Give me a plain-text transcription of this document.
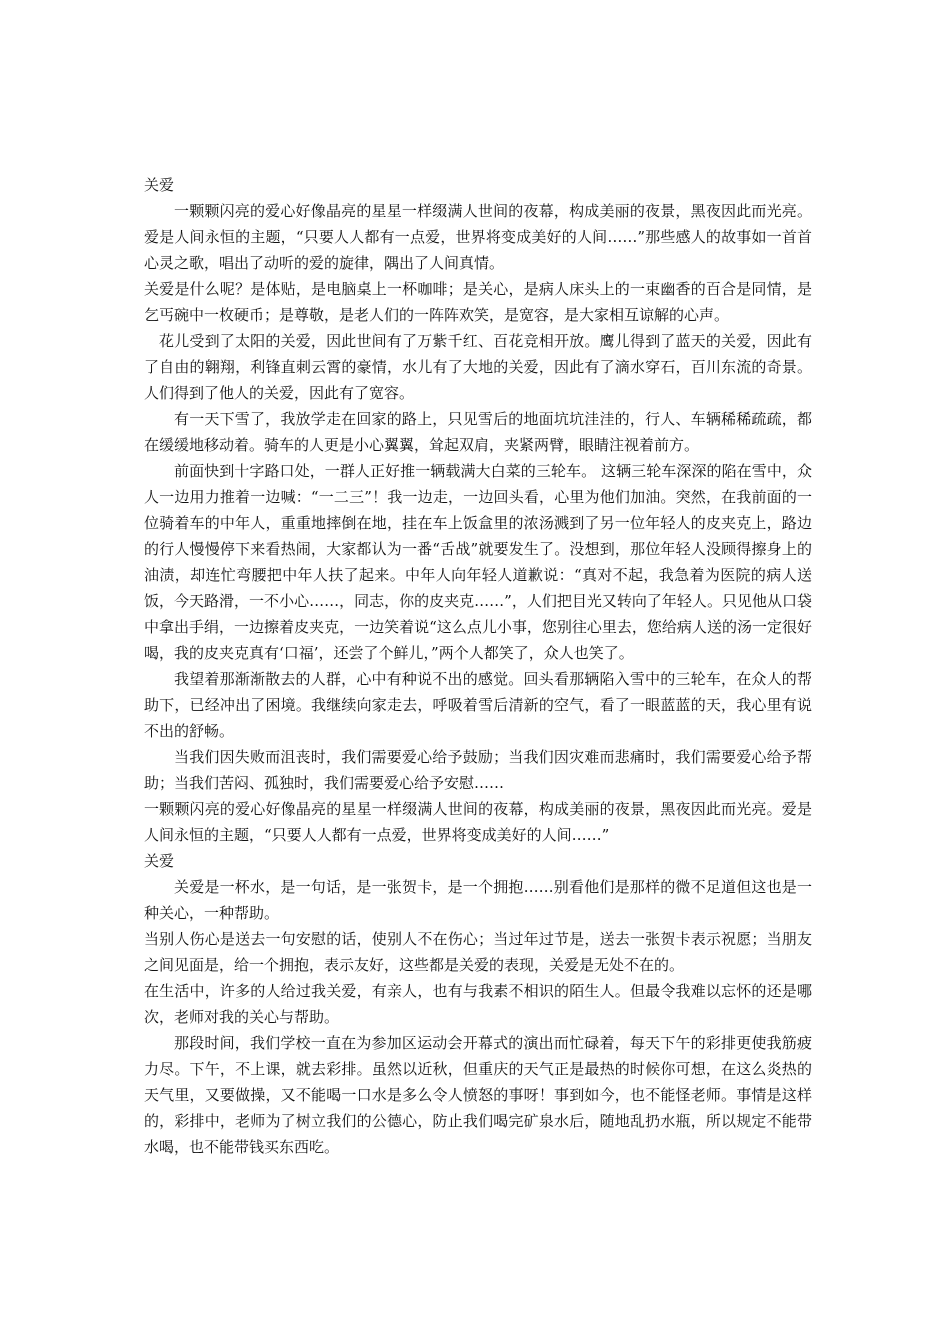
关爱

一颗颗闪亮的爱心好像晶亮的星星一样缀满人世间的夜幕，构成美丽的夜景，黑夜因此而光亮。爱是人间永恒的主题，“只要人人都有一点爱，世界将变成美好的人间……”那些感人的故事如一首首心灵之歌，唱出了动听的爱的旋律，隅出了人间真情。

关爱是什么呢？是体贴，是电脑桌上一杯咖啡；是关心，是病人床头上的一束幽香的百合是同情，是乞丐碗中一枚硬币；是尊敬，是老人们的一阵阵欢笑，是宽容，是大家相互谅解的心声。

花儿受到了太阳的关爱，因此世间有了万紫千红、百花竞相开放。鹰儿得到了蓝天的关爱，因此有了自由的翱翔，利锋直刺云霄的豪情，水儿有了大地的关爱，因此有了滴水穿石，百川东流的奇景。人们得到了他人的关爱，因此有了宽容。

有一天下雪了，我放学走在回家的路上，只见雪后的地面坑坑洼洼的，行人、车辆稀稀疏疏，都在缓缓地移动着。骑车的人更是小心翼翼，耸起双肩，夹紧两臂，眼睛注视着前方。

前面快到十字路口处，一群人正好推一辆载满大白菜的三轮车。 这辆三轮车深深的陷在雪中，众人一边用力推着一边喊：“一二三”！我一边走，一边回头看，心里为他们加油。突然，在我前面的一位骑着车的中年人，重重地摔倒在地，挂在车上饭盒里的浓汤溅到了另一位年轻人的皮夹克上，路边的行人慢慢停下来看热闹，大家都认为一番“舌战”就要发生了。没想到，那位年轻人没顾得擦身上的油渍，却连忙弯腰把中年人扶了起来。中年人向年轻人道歉说：“真对不起，我急着为医院的病人送饭，今天路滑，一不小心……，同志，你的皮夹克……”，人们把目光又转向了年轻人。只见他从口袋中拿出手绢，一边擦着皮夹克，一边笑着说“这么点儿小事，您别往心里去，您给病人送的汤一定很好喝，我的皮夹克真有‘口福’，还尝了个鲜儿，”两个人都笑了，众人也笑了。

我望着那渐渐散去的人群，心中有种说不出的感觉。回头看那辆陷入雪中的三轮车，在众人的帮助下，已经冲出了困境。我继续向家走去，呼吸着雪后清新的空气，看了一眼蓝蓝的天，我心里有说不出的舒畅。

当我们因失败而沮丧时，我们需要爱心给予鼓励；当我们因灾难而悲痛时，我们需要爱心给予帮助；当我们苦闷、孤独时，我们需要爱心给予安慰……

一颗颗闪亮的爱心好像晶亮的星星一样缀满人世间的夜幕，构成美丽的夜景，黑夜因此而光亮。爱是人间永恒的主题，“只要人人都有一点爱，世界将变成美好的人间……”

关爱

关爱是一杯水，是一句话，是一张贺卡，是一个拥抱……别看他们是那样的微不足道但这也是一种关心，一种帮助。

当别人伤心是送去一句安慰的话，使别人不在伤心；当过年过节是，送去一张贺卡表示祝愿；当朋友之间见面是，给一个拥抱，表示友好，这些都是关爱的表现，关爱是无处不在的。

在生活中，许多的人给过我关爱，有亲人，也有与我素不相识的陌生人。但最令我难以忘怀的还是哪次，老师对我的关心与帮助。

那段时间，我们学校一直在为参加区运动会开幕式的演出而忙碌着，每天下午的彩排更使我筋疲力尽。下午，不上课，就去彩排。虽然以近秋，但重庆的天气正是最热的时候你可想，在这么炎热的天气里，又要做操，又不能喝一口水是多么令人愤怒的事呀！事到如今，也不能怪老师。事情是这样的，彩排中，老师为了树立我们的公德心，防止我们喝完矿泉水后，随地乱扔水瓶，所以规定不能带水喝，也不能带钱买东西吃。
